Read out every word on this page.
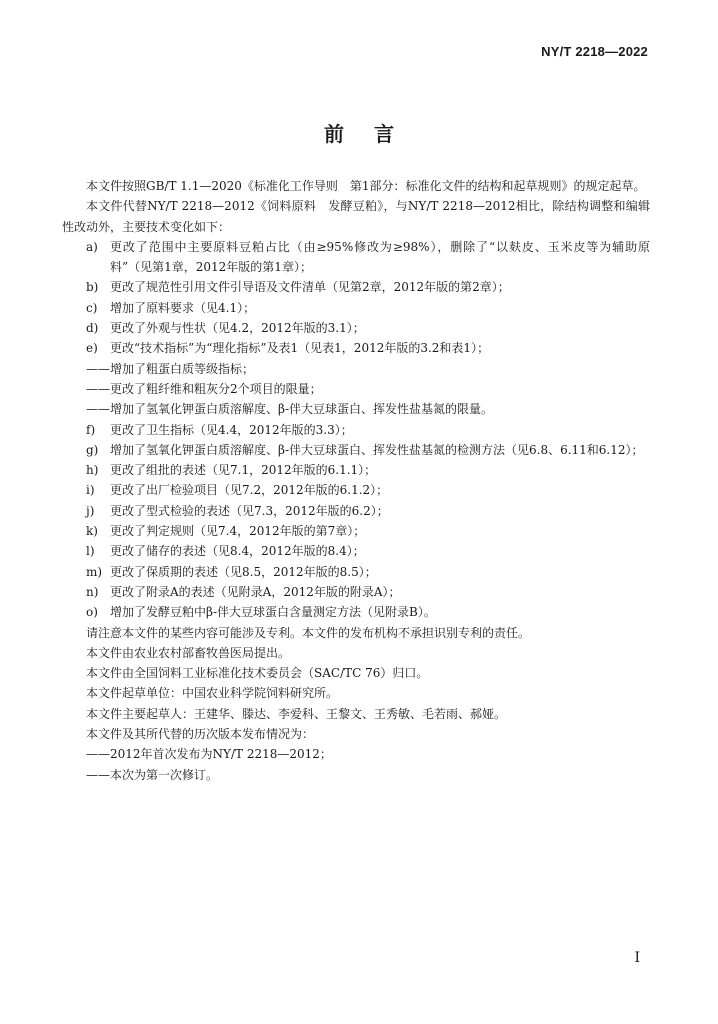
NY/T 2218—2022
前言
本文件按照GB/T 1.1—2020《标准化工作导则　第1部分：标准化文件的结构和起草规则》的规定起草。
本文件代替NY/T 2218—2012《饲料原料　发酵豆粕》，与NY/T 2218—2012相比，除结构调整和编辑性改动外，主要技术变化如下：
a) 更改了范围中主要原料豆粕占比（由≥95%修改为≥98%），删除了“以麸皮、玉米皮等为辅助原料”（见第1章，2012年版的第1章）；
b) 更改了规范性引用文件引导语及文件清单（见第2章，2012年版的第2章）；
c) 增加了原料要求（见4.1）；
d) 更改了外观与性状（见4.2，2012年版的3.1）；
e) 更改“技术指标”为“理化指标”及表1（见表1，2012年版的3.2和表1）；
——增加了粗蛋白质等级指标；
——更改了粗纤维和粗灰分2个项目的限量；
——增加了氢氧化钾蛋白质溶解度、β-伴大豆球蛋白、挥发性盐基氮的限量。
f) 更改了卫生指标（见4.4，2012年版的3.3）；
g) 增加了氢氧化钾蛋白质溶解度、β-伴大豆球蛋白、挥发性盐基氮的检测方法（见6.8、6.11和6.12）；
h) 更改了组批的表述（见7.1，2012年版的6.1.1）；
i) 更改了出厂检验项目（见7.2，2012年版的6.1.2）；
j) 更改了型式检验的表述（见7.3，2012年版的6.2）；
k) 更改了判定规则（见7.4，2012年版的第7章）；
l) 更改了储存的表述（见8.4，2012年版的8.4）；
m) 更改了保质期的表述（见8.5，2012年版的8.5）；
n) 更改了附录A的表述（见附录A，2012年版的附录A）；
o) 增加了发酵豆粕中β-伴大豆球蛋白含量测定方法（见附录B）。
请注意本文件的某些内容可能涉及专利。本文件的发布机构不承担识别专利的责任。
本文件由农业农村部畜牧兽医局提出。
本文件由全国饲料工业标准化技术委员会（SAC/TC 76）归口。
本文件起草单位：中国农业科学院饲料研究所。
本文件主要起草人：王建华、滕达、李爱科、王黎文、王秀敏、毛若雨、郝娅。
本文件及其所代替的历次版本发布情况为：
——2012年首次发布为NY/T 2218—2012；
——本次为第一次修订。
I
